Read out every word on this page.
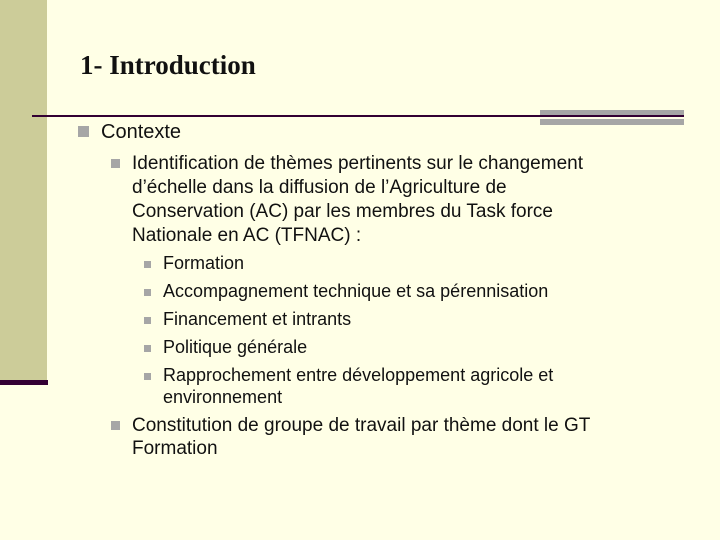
1- Introduction
Contexte
Identification de thèmes pertinents sur le changement
d’échelle dans la diffusion de l’Agriculture de
Conservation (AC) par les membres du Task force
Nationale en AC (TFNAC) :
Formation
Accompagnement technique et sa pérennisation
Financement et intrants
Politique générale
Rapprochement entre développement agricole et
environnement
Constitution de groupe de travail par thème dont le GT
Formation
